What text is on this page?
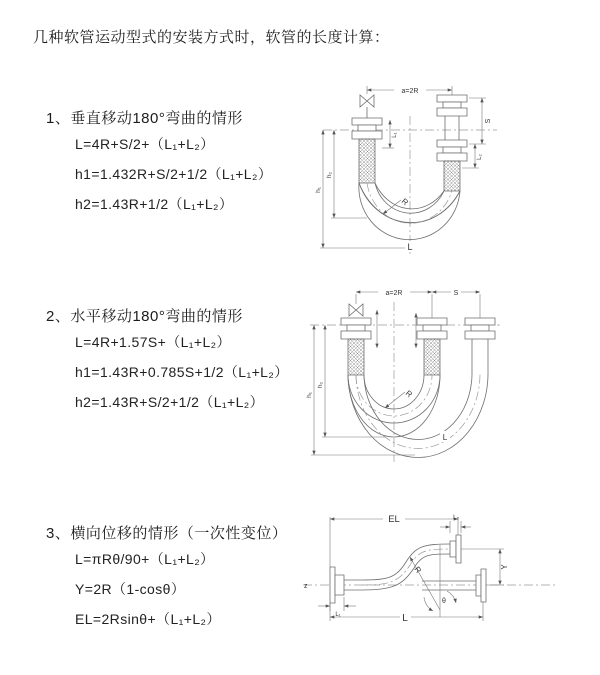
几种软管运动型式的安装方式时，软管的长度计算：
1、垂直移动180°弯曲的情形
L=4R+S/2+（L₁+L₂）
h1=1.432R+S/2+1/2（L₁+L₂）
h2=1.43R+1/2（L₁+L₂）
2、水平移动180°弯曲的情形
L=4R+1.57S+（L₁+L₂）
h1=1.43R+0.785S+1/2（L₁+L₂）
h2=1.43R+S/2+1/2（L₁+L₂）
3、横向位移的情形（一次性变位）
L=πRθ/90+（L₁+L₂）
Y=2R（1-cosθ）
EL=2Rsinθ+（L₁+L₂）
a=2R
S
L₂
h₁
h₂
L₁
R
L
a=2R	S
h₁
h₂
R
L
z
θ
R
EL	L₂
Y
L₁	L
